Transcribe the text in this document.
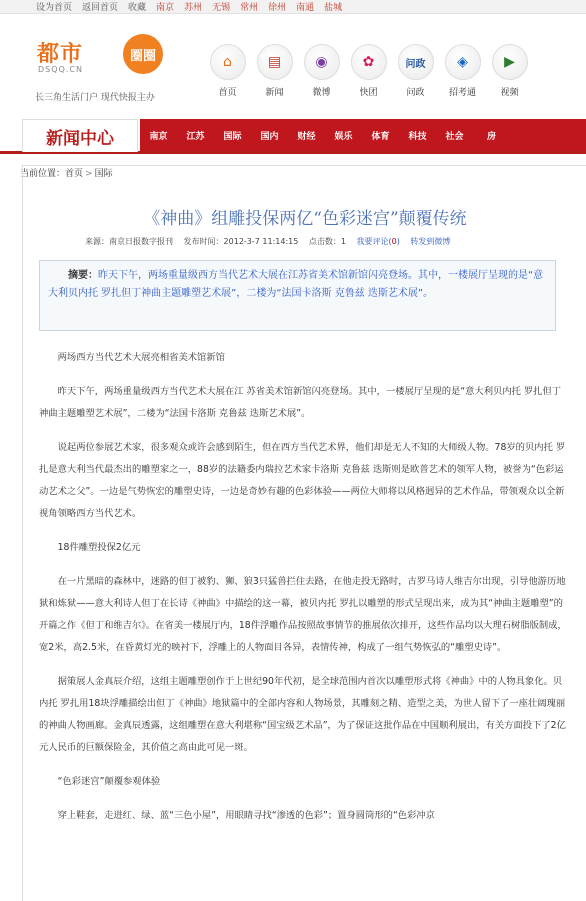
设为首页 返回首页 收藏 南京 苏州 无锡 常州 徐州 南通 盐城
都市	圈圈
DSQQ.CN
长三角生活门户 现代快报主办
⌂
首页
▤
新闻
◉
微博
✿
快团
问政
问政
◈
招考通
▶
视频
新闻中心	南京	江苏	国际	国内	财经	娱乐	体育	科技	社会	房
当前位置：首页 > 国际
《神曲》组雕投保两亿“色彩迷宫”颠覆传统
来源：南京日报数字报刊 发布时间：2012-3-7 11:14:15 点击数：1 我要评论(0) 转发到微博

摘要：昨天下午，两场重量级西方当代艺术大展在江苏省美术馆新馆闪亮登场。其中，一楼展厅呈现的是“意大利贝内托 罗扎但丁神曲主题雕塑艺术展”，二楼为“法国卡洛斯 克鲁兹 迭斯艺术展”。

两场西方当代艺术大展亮相省美术馆新馆

昨天下午，两场重量级西方当代艺术大展在江 苏省美术馆新馆闪亮登场。其中，一楼展厅呈现的是“意大利贝内托 罗扎但丁神曲主题雕塑艺术展”，二楼为“法国卡洛斯 克鲁兹 迭斯艺术展”。

说起两位参展艺术家，很多观众或许会感到陌生，但在西方当代艺术界，他们却是无人不知的大师级人物。78岁的贝内托 罗扎是意大利当代最杰出的雕塑家之一，88岁的法籍委内瑞拉艺术家卡洛斯 克鲁兹 迭斯则是欧普艺术的领军人物，被誉为“色彩运动艺术之父”。一边是气势恢宏的雕塑史诗，一边是奇妙有趣的色彩体验——两位大师将以风格迥异的艺术作品，带领观众以全新视角领略西方当代艺术。

18件雕塑投保2亿元

在一片黑暗的森林中，迷路的但丁被豹、狮、狼3只猛兽拦住去路，在他走投无路时，古罗马诗人维吉尔出现，引导他游历地狱和炼狱——意大利诗人但丁在长诗《神曲》中描绘的这一幕，被贝内托 罗扎以雕塑的形式呈现出来，成为其“神曲主题雕塑”的开篇之作《但丁和维吉尔》。在省美一楼展厅内，18件浮雕作品按照故事情节的推展依次排开，这些作品均以大理石树脂版制成，宽2米，高2.5米，在昏黄灯光的映衬下，浮雕上的人物面目各异，表情传神，构成了一组气势恢弘的“雕塑史诗”。

据策展人金真辰介绍，这组主题雕塑创作于上世纪90年代初，是全球范围内首次以雕塑形式将《神曲》中的人物具象化。贝内托 罗扎用18块浮雕描绘出但丁《神曲》地狱篇中的全部内容和人物场景，其雕刻之精、造型之美，为世人留下了一座壮阔瑰丽的神曲人物画廊。金真辰透露，这组雕塑在意大利堪称“国宝级艺术品”，为了保证这批作品在中国顺利展出，有关方面投下了2亿元人民币的巨额保险金，其价值之高由此可见一斑。

“色彩迷宫”颠覆参观体验

穿上鞋套，走进红、绿、蓝“三色小屋”，用眼睛寻找“渗透的色彩”；置身圆筒形的“色彩冲京
